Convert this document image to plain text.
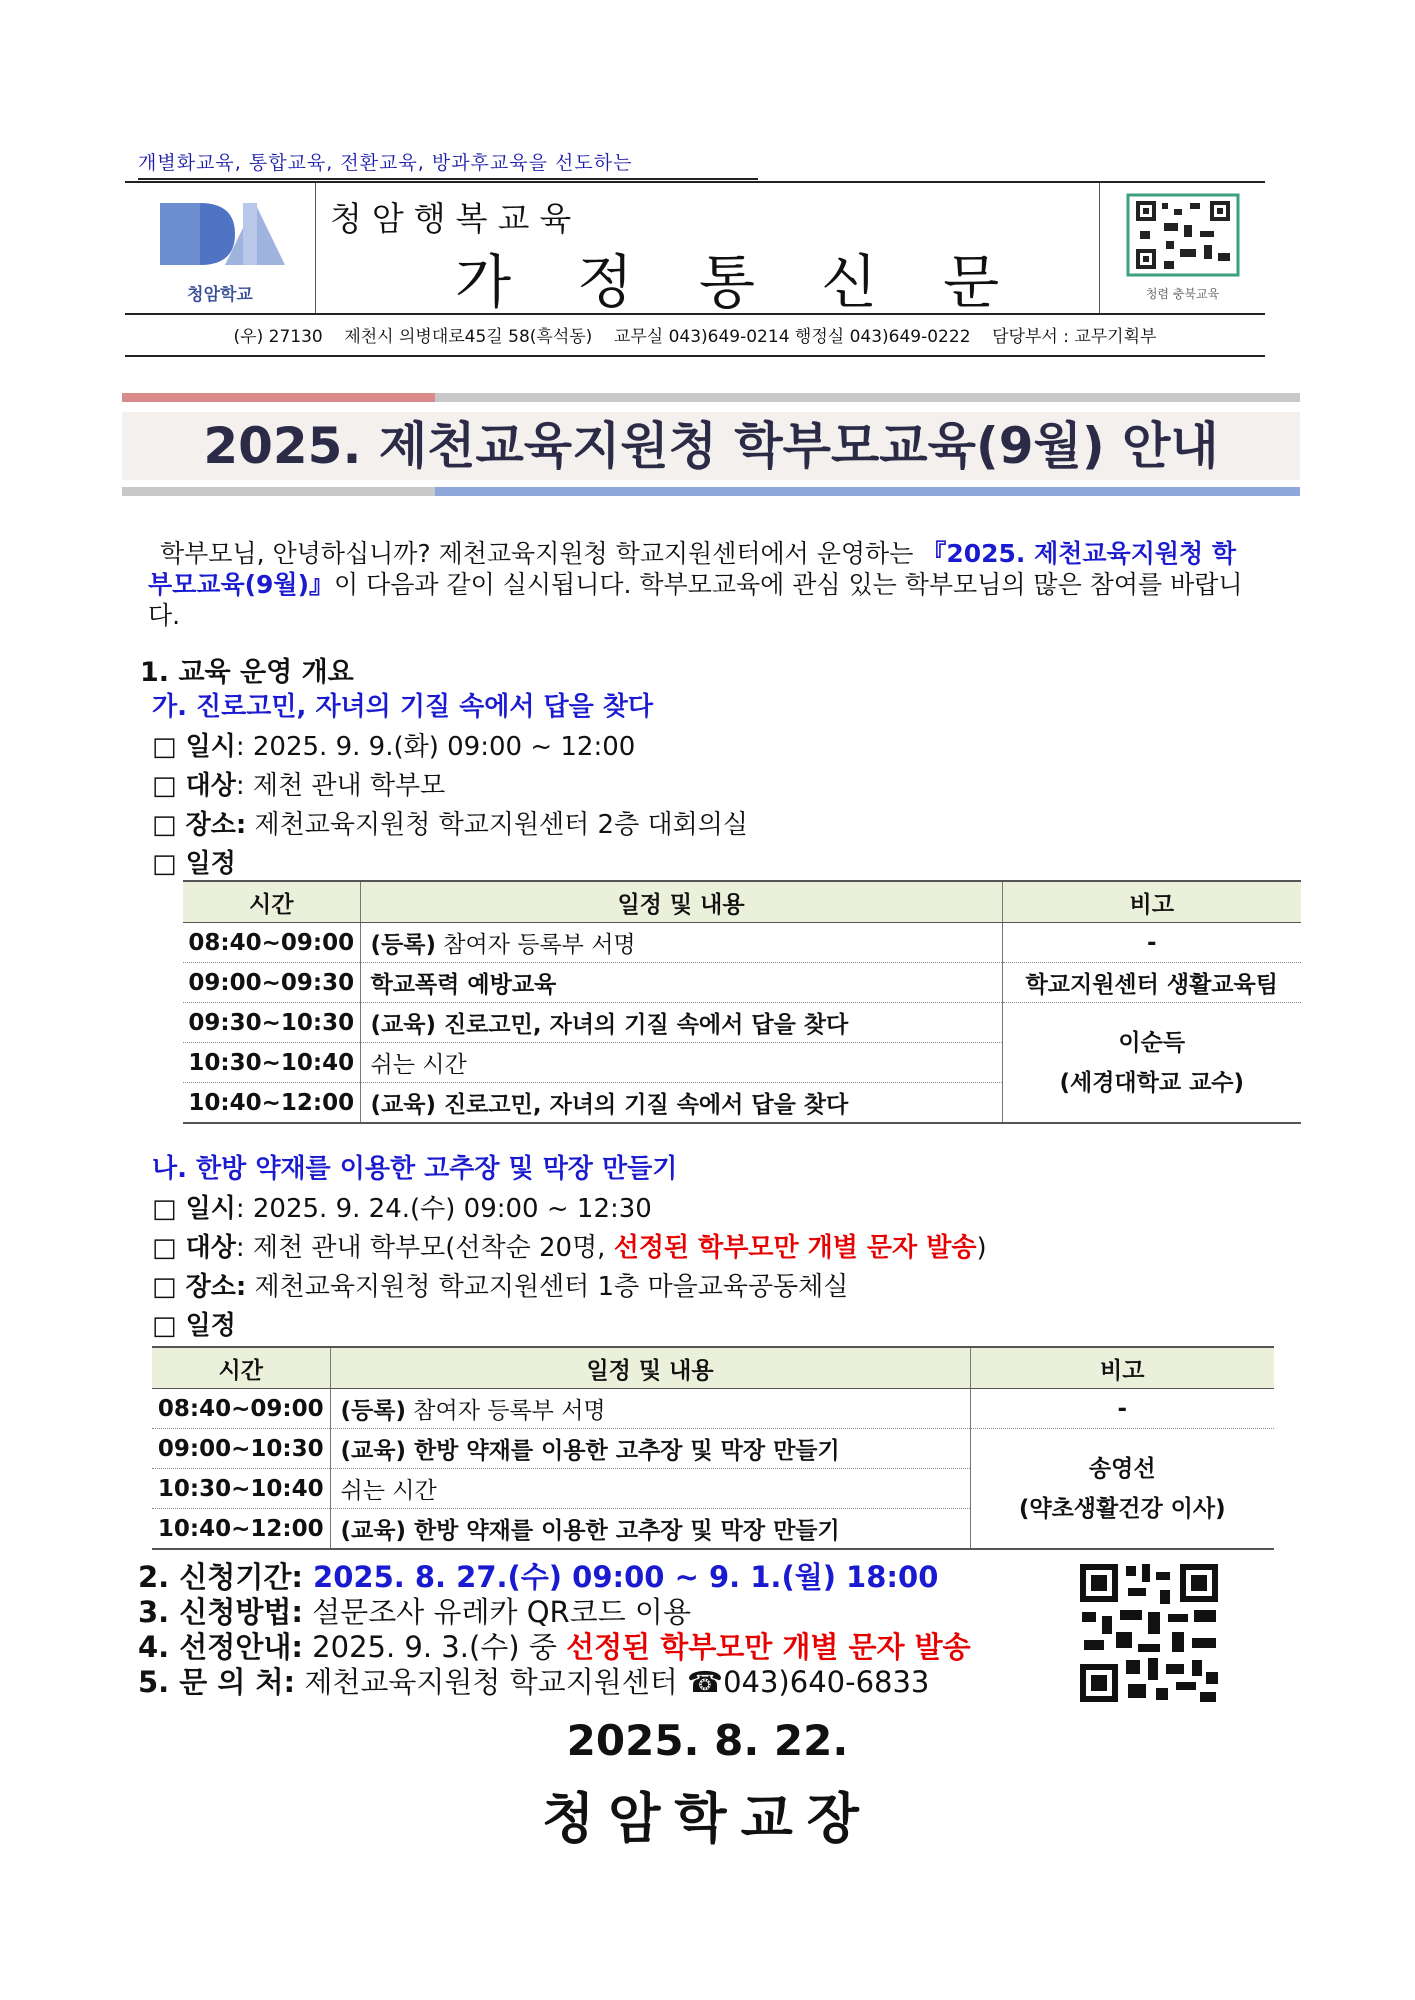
개별화교육, 통합교육, 전환교육, 방과후교육을 선도하는
청암학교
청암행복교육
가정통신문	청렴 충북교육
(우) 27130    제천시 의병대로45길 58(흑석동)    교무실 043)649-0214 행정실 043)649-0222    담당부서 : 교무기획부
2025. 제천교육지원청 학부모교육(9월) 안내
학부모님, 안녕하십니까? 제천교육지원청 학교지원센터에서 운영하는 『2025. 제천교육지원청 학부모교육(9월)』이 다음과 같이 실시됩니다. 학부모교육에 관심 있는 학부모님의 많은 참여를 바랍니다.
1. 교육 운영 개요
가. 진로고민, 자녀의 기질 속에서 답을 찾다
□ 일시: 2025. 9. 9.(화) 09:00 ~ 12:00
□ 대상: 제천 관내 학부모
□ 장소: 제천교육지원청 학교지원센터 2층 대회의실
□ 일정
시간	일정 및 내용	비고
08:40~09:00	(등록) 참여자 등록부 서명	-
09:00~09:30	학교폭력 예방교육	학교지원센터 생활교육팀
09:30~10:30	(교육) 진로고민, 자녀의 기질 속에서 답을 찾다	이순득
(세경대학교 교수)

10:30~10:40	쉬는 시간	
10:40~12:00	(교육) 진로고민, 자녀의 기질 속에서 답을 찾다	
나. 한방 약재를 이용한 고추장 및 막장 만들기
□ 일시: 2025. 9. 24.(수) 09:00 ~ 12:30
□ 대상: 제천 관내 학부모(선착순 20명, 선정된 학부모만 개별 문자 발송)
□ 장소: 제천교육지원청 학교지원센터 1층 마을교육공동체실
□ 일정
시간	일정 및 내용	비고
08:40~09:00	(등록) 참여자 등록부 서명	-
09:00~10:30	(교육) 한방 약재를 이용한 고추장 및 막장 만들기	송영선
(약초생활건강 이사)

10:30~10:40	쉬는 시간	
10:40~12:00	(교육) 한방 약재를 이용한 고추장 및 막장 만들기	
2. 신청기간: 2025. 8. 27.(수) 09:00 ~ 9. 1.(월) 18:00
3. 신청방법: 설문조사 유레카 QR코드 이용
4. 선정안내: 2025. 9. 3.(수) 중 선정된 학부모만 개별 문자 발송
5. 문 의 처: 제천교육지원청 학교지원센터 ☎043)640-6833
2025. 8. 22.
청암학교장
